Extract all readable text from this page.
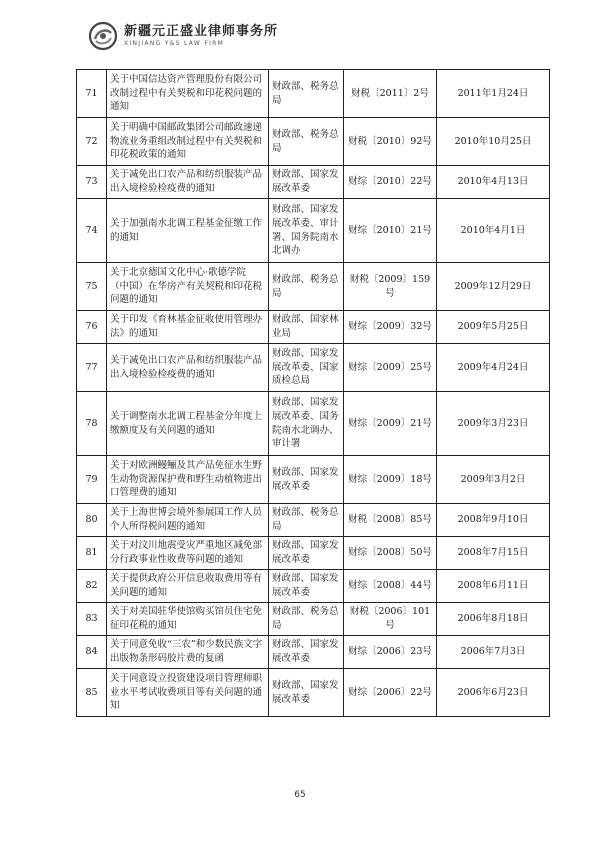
新疆元正盛业律师事务所
XINJIANG Y&S LAW FIRM
71	关于中国信达资产管理股份有限公司改制过程中有关契税和印花税问题的通知	财政部、税务总局	财税〔2011〕2号	2011年1月24日
72	关于明确中国邮政集团公司邮政速递物流业务重组改制过程中有关契税和印花税政策的通知	财政部、税务总局	财税〔2010〕92号	2010年10月25日
73	关于减免出口农产品和纺织服装产品出入境检验检疫费的通知	财政部、国家发展改革委	财综〔2010〕22号	2010年4月13日
74	关于加强南水北调工程基金征缴工作的通知	财政部、国家发展改革委、审计署、国务院南水北调办	财综〔2010〕21号	2010年4月1日
75	关于北京德国文化中心·歌德学院（中国）在华房产有关契税和印花税问题的通知	财政部、税务总局	财税〔2009〕159号	2009年12月29日
76	关于印发《育林基金征收使用管理办法》的通知	财政部、国家林业局	财综〔2009〕32号	2009年5月25日
77	关于减免出口农产品和纺织服装产品出入境检验检疫费的通知	财政部、国家发展改革委、国家质检总局	财综〔2009〕25号	2009年4月24日
78	关于调整南水北调工程基金分年度上缴额度及有关问题的通知	财政部、国家发展改革委、国务院南水北调办、审计署	财综〔2009〕21号	2009年3月23日
79	关于对欧洲鳗鲡及其产品免征水生野生动物资源保护费和野生动植物进出口管理费的通知	财政部、国家发展改革委	财综〔2009〕18号	2009年3月2日
80	关于上海世博会境外参展国工作人员个人所得税问题的通知	财政部、税务总局	财税〔2008〕85号	2008年9月10日
81	关于对汶川地震受灾严重地区减免部分行政事业性收费等问题的通知	财政部、国家发展改革委	财综〔2008〕50号	2008年7月15日
82	关于提供政府公开信息收取费用等有关问题的通知	财政部、国家发展改革委	财综〔2008〕44号	2008年6月11日
83	关于对美国驻华使馆购买馆员住宅免征印花税的通知	财政部、税务总局	财税〔2006〕101号	2006年8月18日
84	关于同意免收“三农”和少数民族文字出版物条形码胶片费的复函	财政部、国家发展改革委	财综〔2006〕23号	2006年7月3日
85	关于同意设立投资建设项目管理师职业水平考试收费项目等有关问题的通知	财政部、国家发展改革委	财综〔2006〕22号	2006年6月23日
65
